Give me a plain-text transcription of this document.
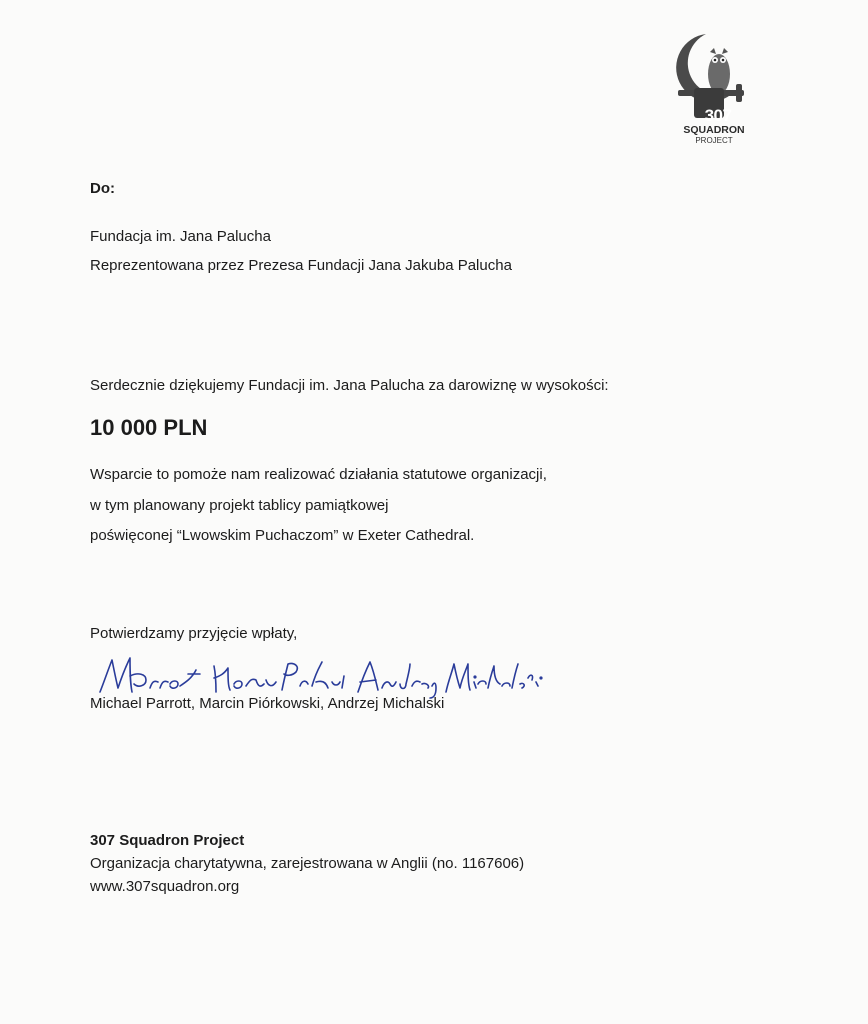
307
SQUADRON
PROJECT
Do:
Fundacja im. Jana Palucha
Reprezentowana przez Prezesa Fundacji Jana Jakuba Palucha
Serdecznie dziękujemy Fundacji im. Jana Palucha za darowiznę w wysokości:
10 000 PLN
Wsparcie to pomoże nam realizować działania statutowe organizacji,
w tym planowany projekt tablicy pamiątkowej
poświęconej “Lwowskim Puchaczom” w Exeter Cathedral.
Potwierdzamy przyjęcie wpłaty,
Michael Parrott, Marcin Piórkowski, Andrzej Michalski
307 Squadron Project
Organizacja charytatywna, zarejestrowana w Anglii (no. 1167606)
www.307squadron.org
